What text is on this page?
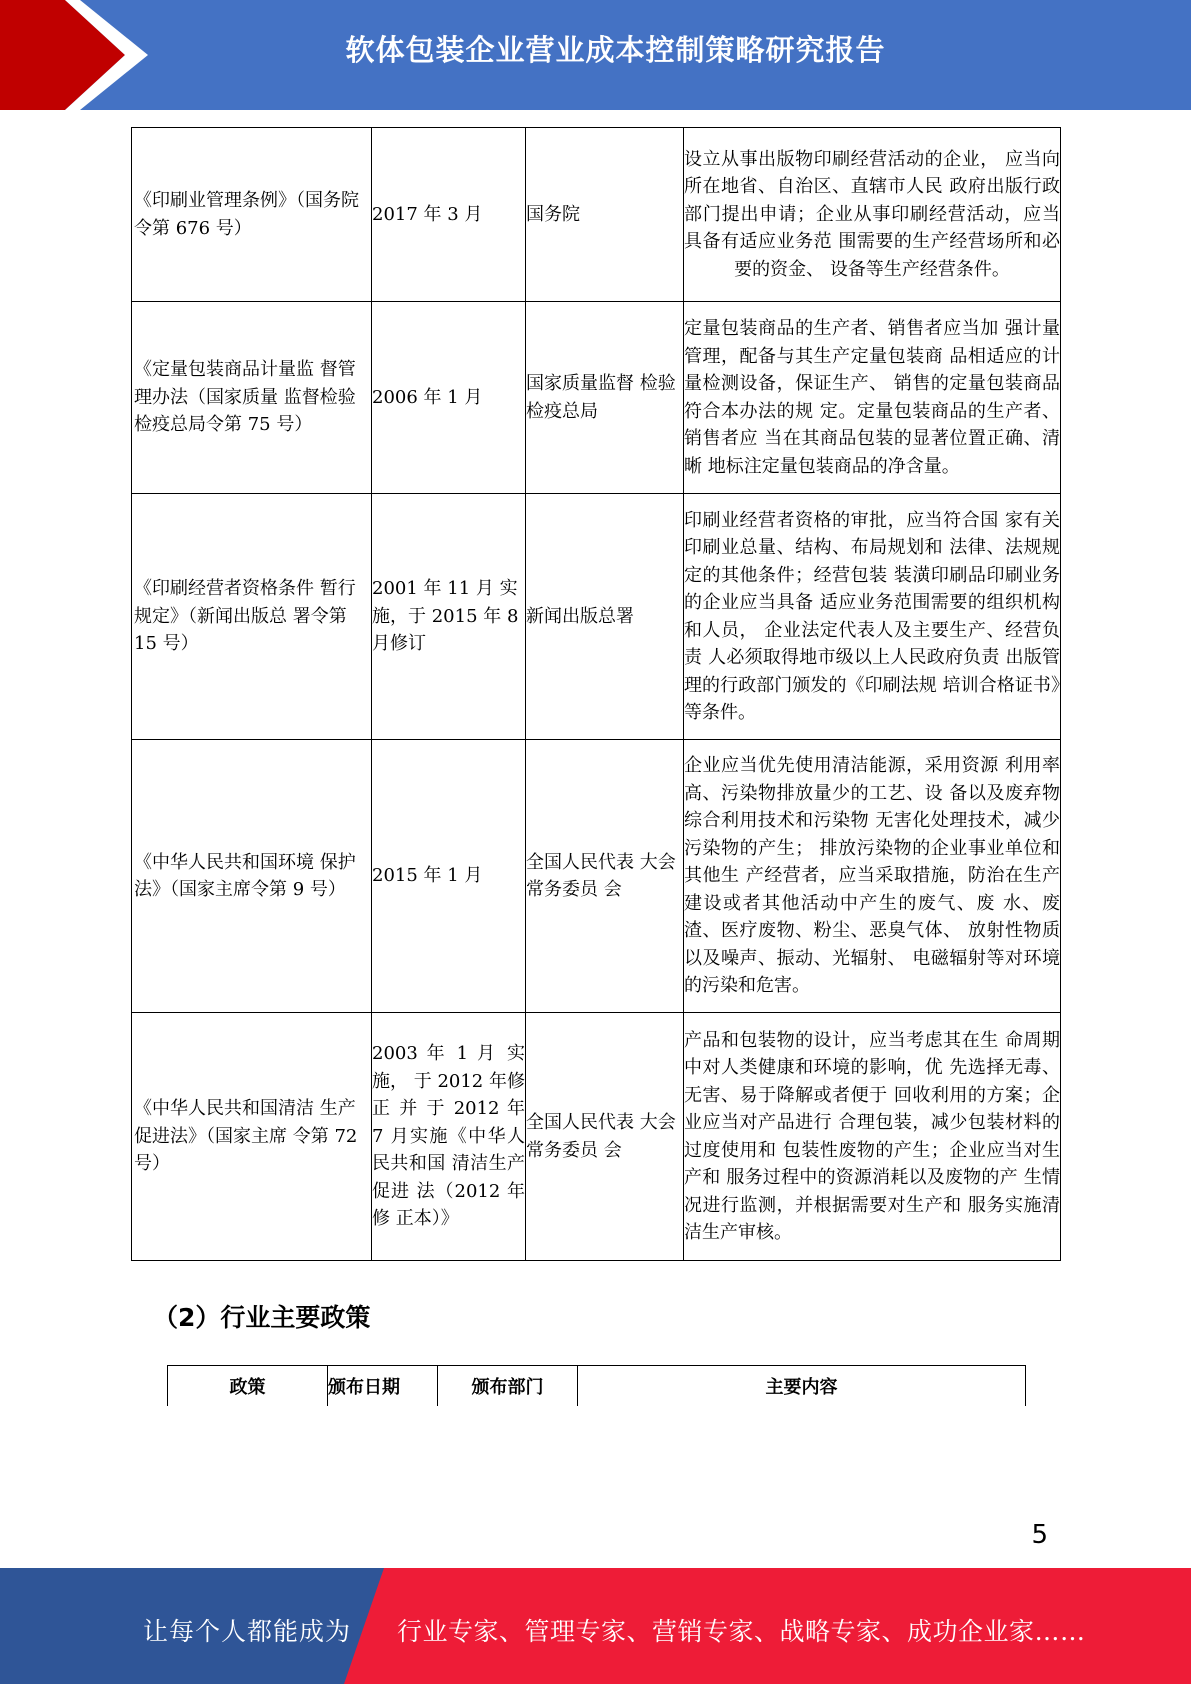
软体包装企业营业成本控制策略研究报告
《印刷业管理条例》（国务院令第 676 号）	2017 年 3 月	国务院	设立从事出版物印刷经营活动的企业， 应当向所在地省、自治区、直辖市人民 政府出版行政部门提出申请；企业从事印刷经营活动，应当具备有适应业务范 围需要的生产经营场所和必要的资金、 设备等生产经营条件。
《定量包装商品计量监 督管理办法（国家质量 监督检验检疫总局令第 75 号）	2006 年 1 月	国家质量监督 检验检疫总局	定量包装商品的生产者、销售者应当加 强计量管理，配备与其生产定量包装商 品相适应的计量检测设备，保证生产、 销售的定量包装商品符合本办法的规 定。定量包装商品的生产者、销售者应 当在其商品包装的显著位置正确、清晰 地标注定量包装商品的净含量。
《印刷经营者资格条件 暂行规定》（新闻出版总 署令第 15 号）	2001 年 11 月 实施，于 2015 年 8 月修订	新闻出版总署	印刷业经营者资格的审批，应当符合国 家有关印刷业总量、结构、布局规划和 法律、法规规定的其他条件；经营包装 装潢印刷品印刷业务的企业应当具备 适应业务范围需要的组织机构和人员， 企业法定代表人及主要生产、经营负责 人必须取得地市级以上人民政府负责 出版管理的行政部门颁发的《印刷法规 培训合格证书》等条件。
《中华人民共和国环境 保护法》（国家主席令第 9 号）	2015 年 1 月	全国人民代表 大会常务委员 会	企业应当优先使用清洁能源，采用资源 利用率高、污染物排放量少的工艺、设 备以及废弃物综合利用技术和污染物 无害化处理技术，减少污染物的产生； 排放污染物的企业事业单位和其他生 产经营者，应当采取措施，防治在生产 建设或者其他活动中产生的废气、废 水、废渣、医疗废物、粉尘、恶臭气体、 放射性物质以及噪声、振动、光辐射、 电磁辐射等对环境的污染和危害。
《中华人民共和国清洁 生产促进法》（国家主席 令第 72 号）	2003 年 1 月 实施， 于 2012 年修 正 并 于 2012 年 7 月实施《中华人民共和国 清洁生产促进 法（2012 年修 正本）》	全国人民代表 大会常务委员 会	产品和包装物的设计，应当考虑其在生 命周期中对人类健康和环境的影响，优 先选择无毒、无害、易于降解或者便于 回收利用的方案；企业应当对产品进行 合理包装，减少包装材料的过度使用和 包装性废物的产生；企业应当对生产和 服务过程中的资源消耗以及废物的产 生情况进行监测，并根据需要对生产和 服务实施清洁生产审核。
（2）行业主要政策
政策	颁布日期	颁布部门	主要内容
5
让每个人都能成为 行业专家、管理专家、营销专家、战略专家、成功企业家……
